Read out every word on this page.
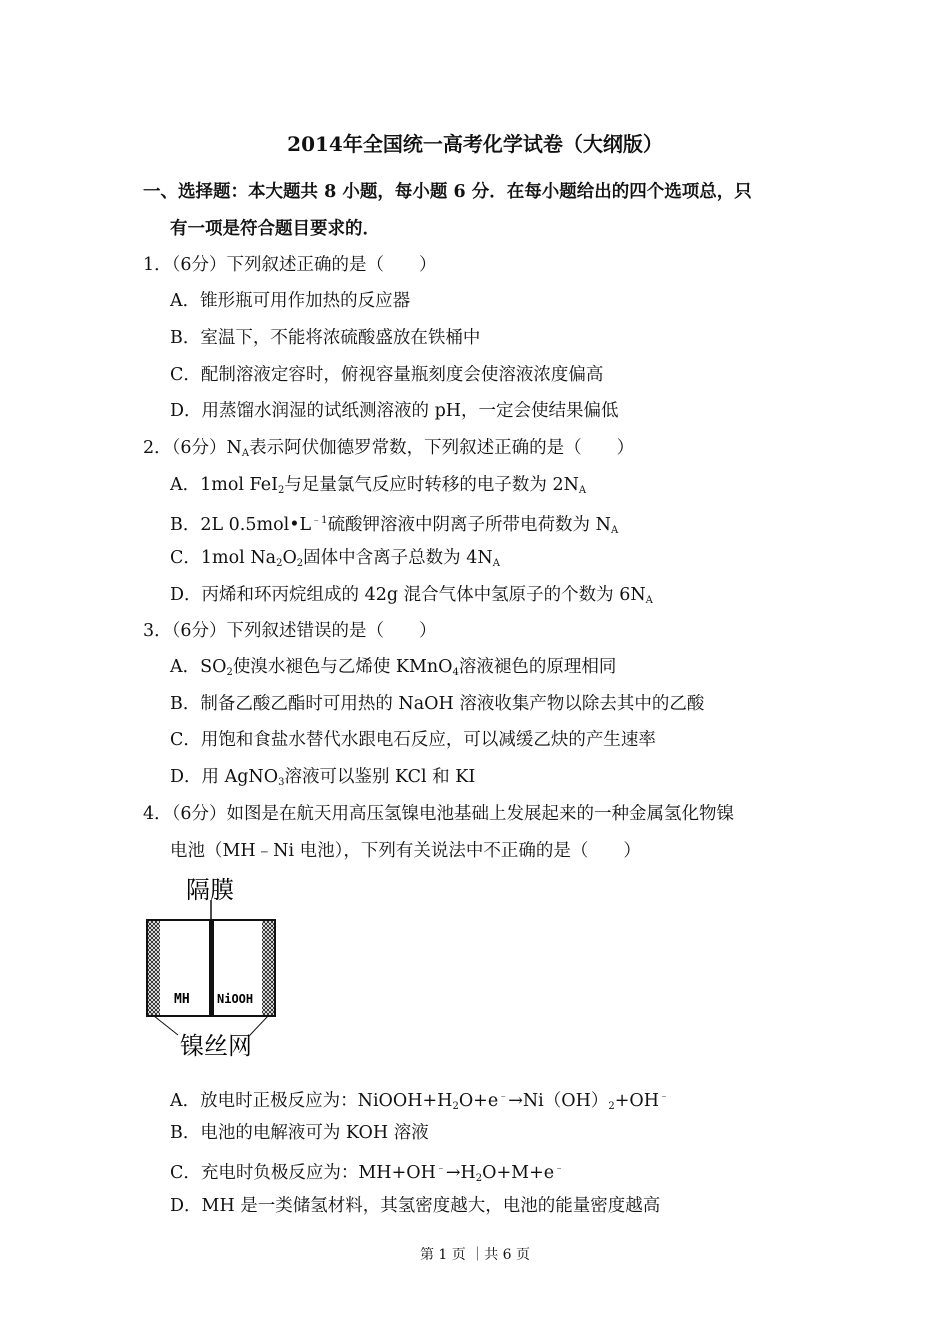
2014年全国统一高考化学试卷（大纲版）
一、选择题：本大题共 8 小题，每小题 6 分．在每小题给出的四个选项总，只
有一项是符合题目要求的．
1．（6分）下列叙述正确的是（　　）
A．锥形瓶可用作加热的反应器
B．室温下，不能将浓硫酸盛放在铁桶中
C．配制溶液定容时，俯视容量瓶刻度会使溶液浓度偏高
D．用蒸馏水润湿的试纸测溶液的 pH，一定会使结果偏低
2．（6分）$N_A$表示阿伏伽德罗常数，下列叙述正确的是（　　）
A．1mol FeI$_2$与足量氯气反应时转移的电子数为 $2N_A$
B．2L $0.5mol•L^{﹣1}$硫酸钾溶液中阴离子所带电荷数为 $N_A$
C．1mol $Na_2O_2$固体中含离子总数为 $4N_A$
D．丙烯和环丙烷组成的 42g 混合气体中氢原子的个数为 $6N_A$
3．（6分）下列叙述错误的是（　　）
A．$SO_2$使溴水褪色与乙烯使 KMnO$_4$溶液褪色的原理相同
B．制备乙酸乙酯时可用热的 NaOH 溶液收集产物以除去其中的乙酸
C．用饱和食盐水替代水跟电石反应，可以减缓乙炔的产生速率
D．用 AgNO$_3$溶液可以鉴别 KCl 和 KI
4．（6分）如图是在航天用高压氢镍电池基础上发展起来的一种金属氢化物镍
电池（MH﹣Ni 电池），下列有关说法中不正确的是（　　）
隔膜
MH NiOOH
镍丝网
A．放电时正极反应为：$NiOOH+H_2O+e^﹣\to Ni(OH)_2+OH^﹣$
B．电池的电解液可为 KOH 溶液
C．充电时负极反应为：$MH+OH^﹣\to H_2O+M+e^﹣$
D．MH 是一类储氢材料，其氢密度越大，电池的能量密度越高
第 1 页 ｜共 6 页
